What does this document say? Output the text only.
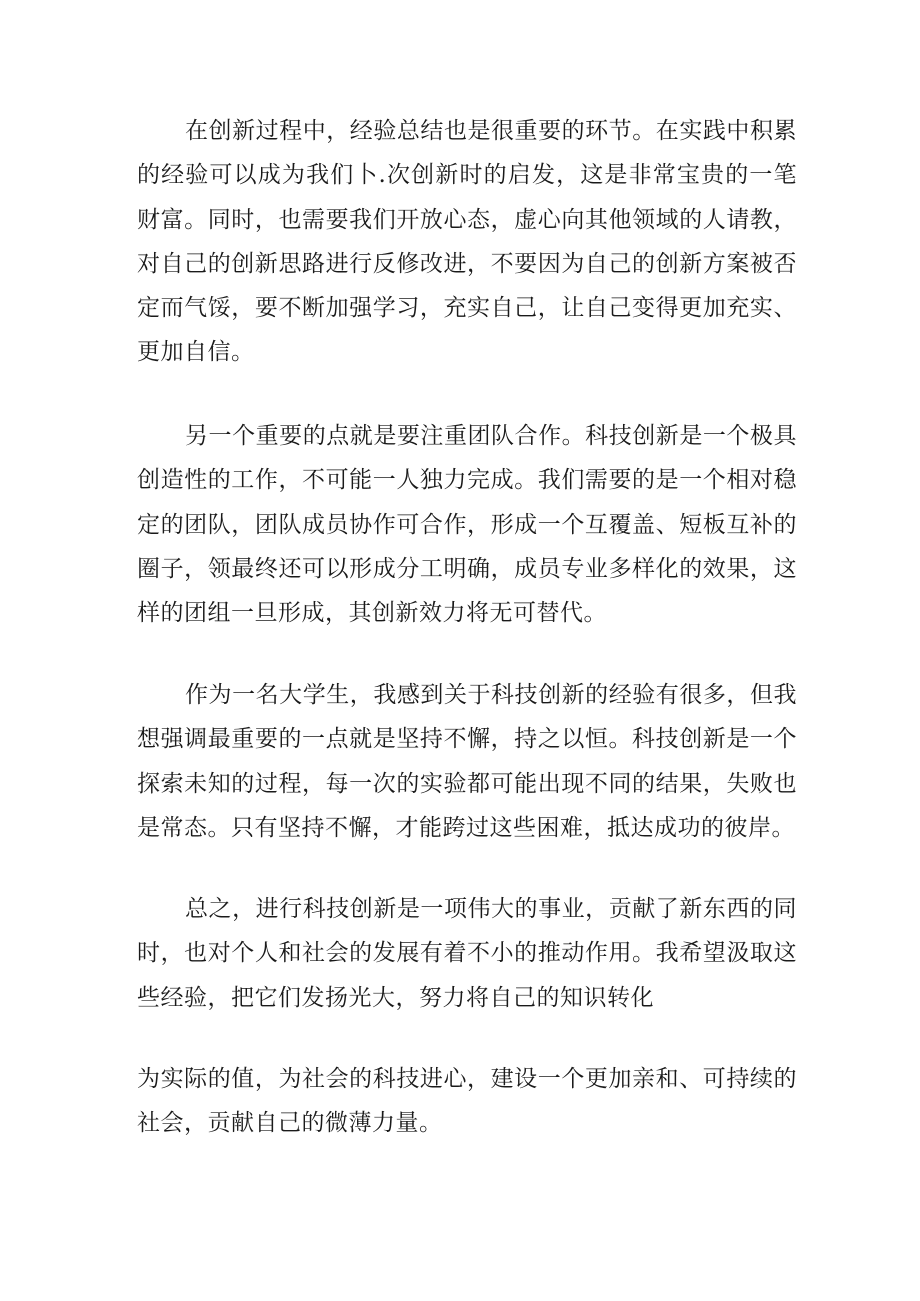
在创新过程中，经验总结也是很重要的环节。在实践中积累的经验可以成为我们卜.次创新时的启发，这是非常宝贵的一笔财富。同时，也需要我们开放心态，虚心向其他领域的人请教，对自己的创新思路进行反修改进，不要因为自己的创新方案被否定而气馁，要不断加强学习，充实自己，让自己变得更加充实、更加自信。

另一个重要的点就是要注重团队合作。科技创新是一个极具创造性的工作，不可能一人独力完成。我们需要的是一个相对稳定的团队，团队成员协作可合作，形成一个互覆盖、短板互补的圈子，领最终还可以形成分工明确，成员专业多样化的效果，这样的团组一旦形成，其创新效力将无可替代。

作为一名大学生，我感到关于科技创新的经验有很多，但我想强调最重要的一点就是坚持不懈，持之以恒。科技创新是一个探索未知的过程，每一次的实验都可能出现不同的结果，失败也是常态。只有坚持不懈，才能跨过这些困难，抵达成功的彼岸。

总之，进行科技创新是一项伟大的事业，贡献了新东西的同时，也对个人和社会的发展有着不小的推动作用。我希望汲取这些经验，把它们发扬光大，努力将自己的知识转化

为实际的值，为社会的科技进心，建设一个更加亲和、可持续的社会，贡献自己的微薄力量。
